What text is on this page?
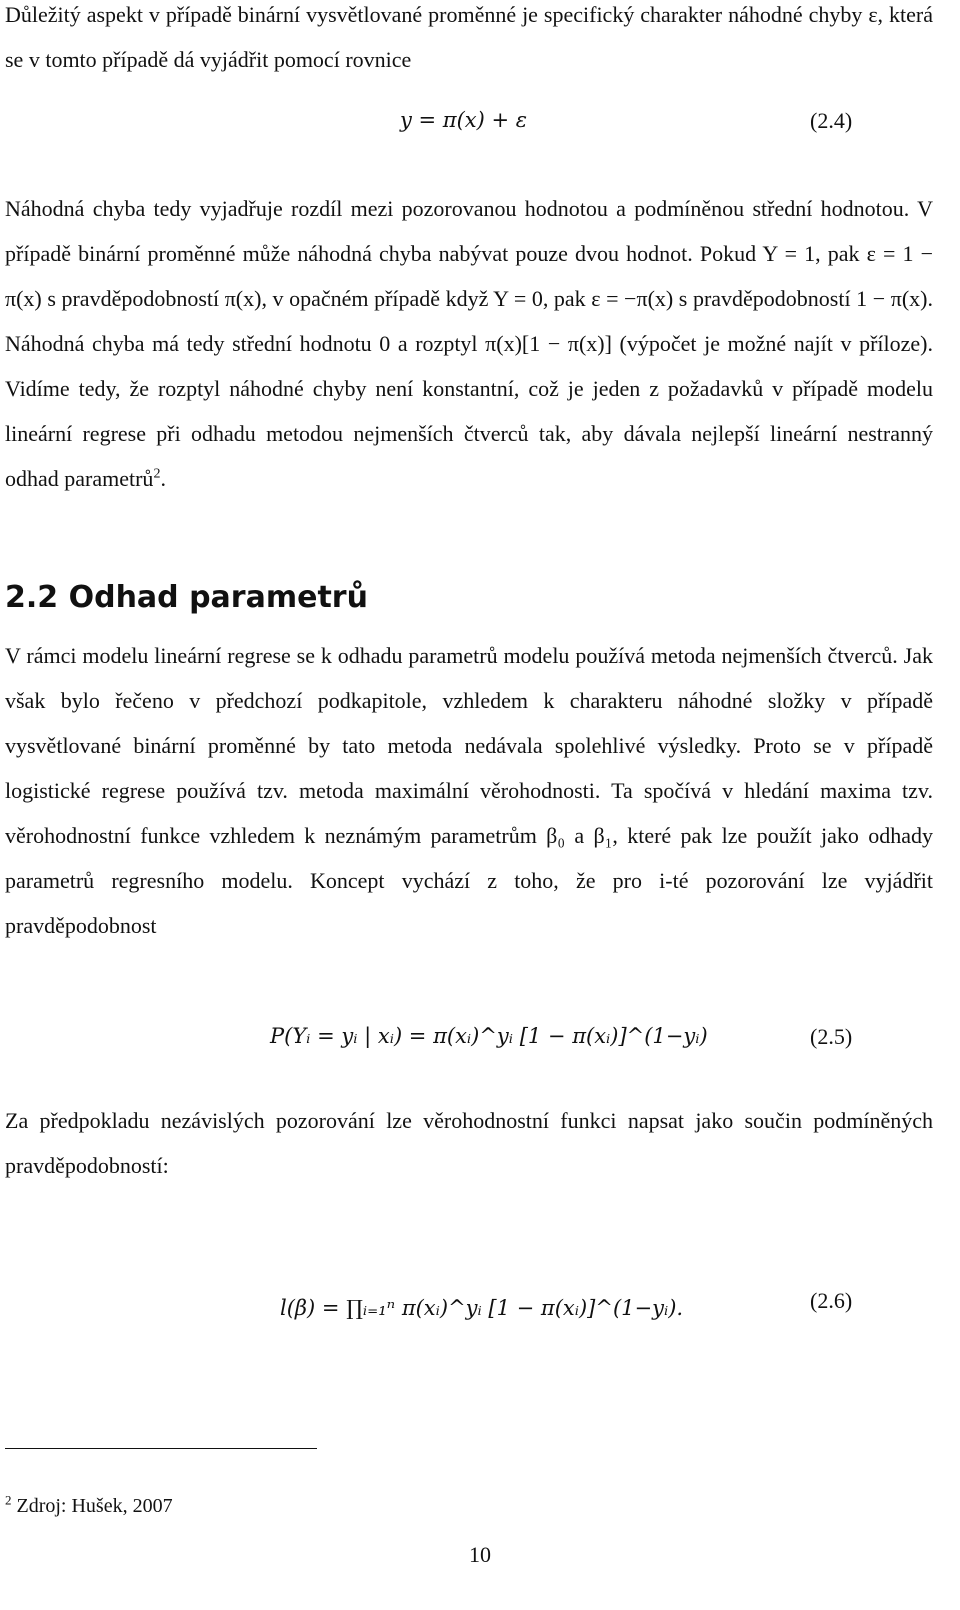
Důležitý aspekt v případě binární vysvětlované proměnné je specifický charakter náhodné chyby ε, která se v tomto případě dá vyjádřit pomocí rovnice

y = π(x) + ε	(2.4)

Náhodná chyba tedy vyjadřuje rozdíl mezi pozorovanou hodnotou a podmíněnou střední hodnotou. V případě binární proměnné může náhodná chyba nabývat pouze dvou hodnot. Pokud Y = 1, pak ε = 1 − π(x) s pravděpodobností π(x), v opačném případě když Y = 0, pak ε = −π(x) s pravděpodobností 1 − π(x). Náhodná chyba má tedy střední hodnotu 0 a rozptyl π(x)[1 − π(x)] (výpočet je možné najít v příloze). Vidíme tedy, že rozptyl náhodné chyby není konstantní, což je jeden z požadavků v případě modelu lineární regrese při odhadu metodou nejmenších čtverců tak, aby dávala nejlepší lineární nestranný odhad parametrů$^2$.

2.2 Odhad parametrů

V rámci modelu lineární regrese se k odhadu parametrů modelu používá metoda nejmenších čtverců. Jak však bylo řečeno v předchozí podkapitole, vzhledem k charakteru náhodné složky v případě vysvětlované binární proměnné by tato metoda nedávala spolehlivé výsledky. Proto se v případě logistické regrese používá tzv. metoda maximální věrohodnosti. Ta spočívá v hledání maxima tzv. věrohodnostní funkce vzhledem k neznámým parametrům β₀ a β₁, které pak lze použít jako odhady parametrů regresního modelu. Koncept vychází z toho, že pro i-té pozorování lze vyjádřit pravděpodobnost

P(Yᵢ = yᵢ | xᵢ) = π(xᵢ)^yᵢ [1 − π(xᵢ)]^(1−yᵢ)	(2.5)

Za předpokladu nezávislých pozorování lze věrohodnostní funkci napsat jako součin podmíněných pravděpodobností:

l(β) = ∏ᵢ₌₁ⁿ π(xᵢ)^yᵢ [1 − π(xᵢ)]^(1−yᵢ).	(2.6)
$^2$ Zdroj: Hušek, 2007
10
